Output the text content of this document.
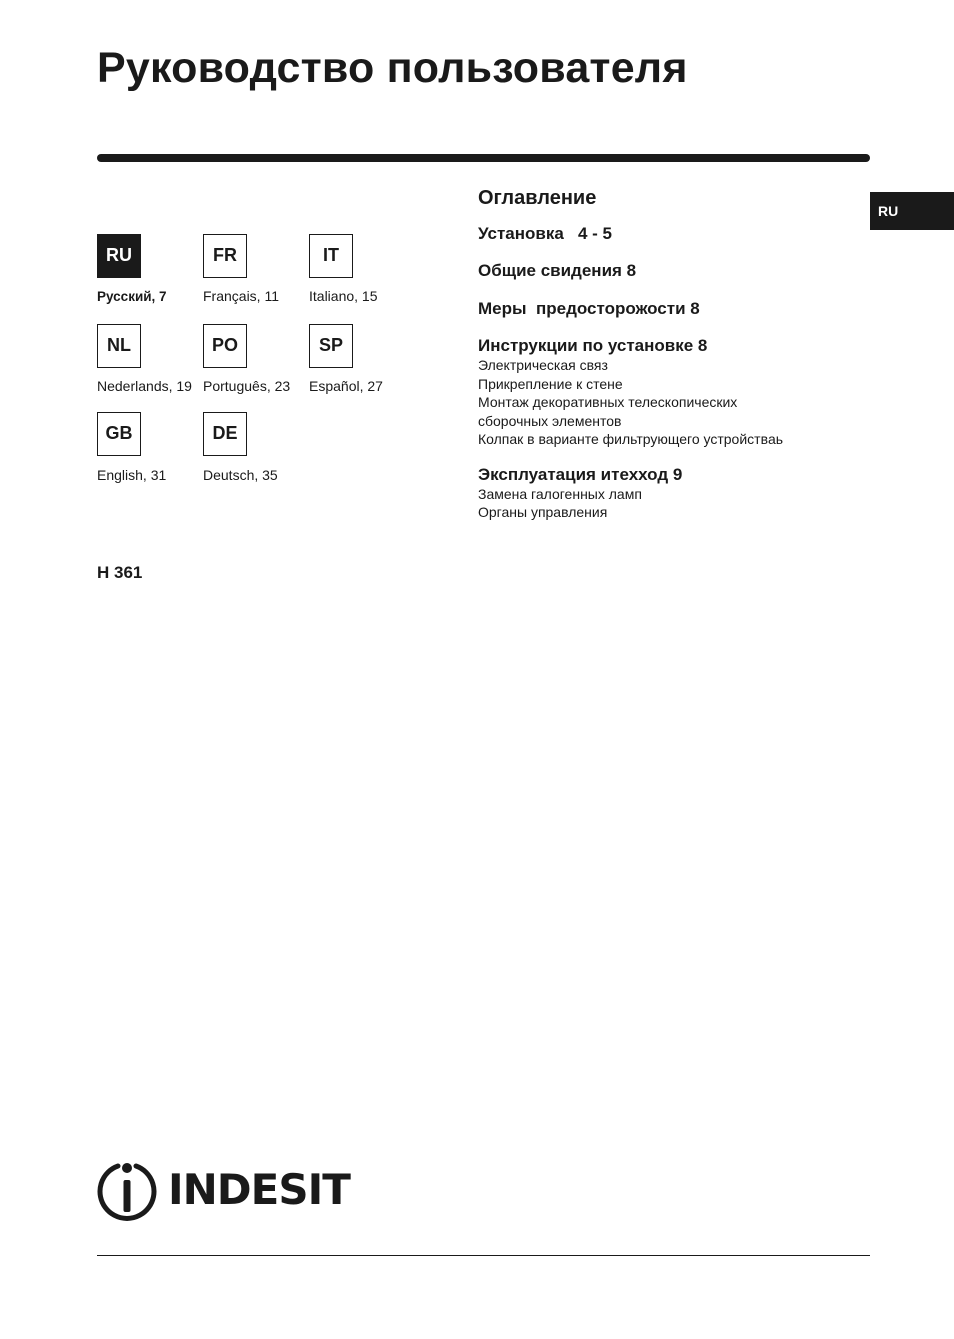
Руководство пользователя
RU
RU
Русский, 7
FR
Français, 11
IT
Italiano, 15
NL
Nederlands, 19
PO
Português, 23
SP
Español, 27
GB
English, 31
DE
Deutsch, 35
H 361
Оглавление

Установка   4 - 5

Общие свидения 8

Меры  предосторожости 8

Инструкции по установке 8

Электрическая связ

Прикрепление к стене

Монтаж декоративных телескопических

сборочных элементов

Колпак в варианте фильтрующего устройствaь

Эксплуатация итехход 9

Замена галогенных ламп

Органы управления

INDESIT
